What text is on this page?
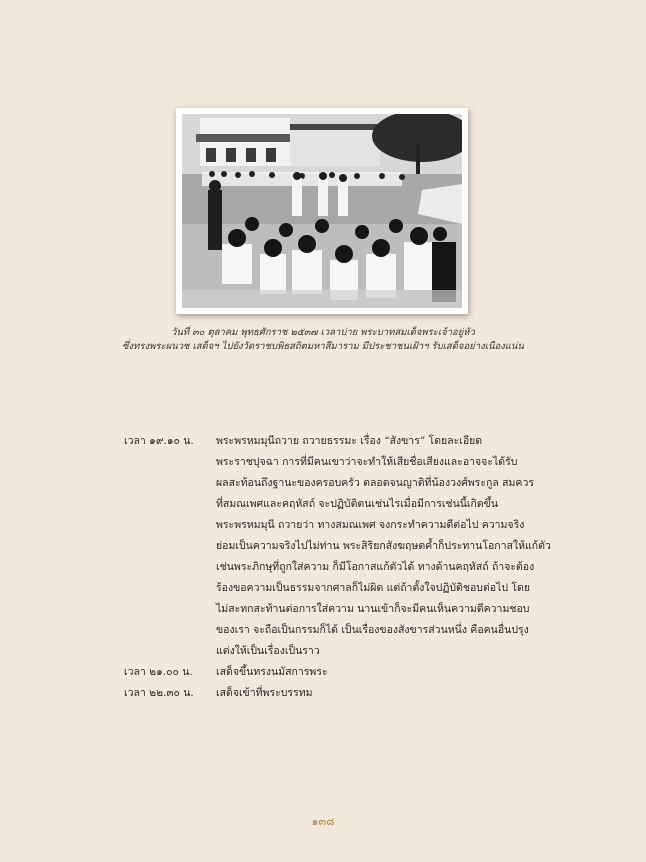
วันที่ ๓๐ ตุลาคม พุทธศักราช ๒๕๓๗ เวลาบ่าย พระบาทสมเด็จพระเจ้าอยู่หัว
ซึ่งทรงพระผนวช เสด็จฯ ไปยังวัดราชบพิธสถิตมหาสีมาราม มีประชาชนเฝ้าฯ รับเสด็จอย่างเนืองแน่น
เวลา ๑๙.๑๐ น.	พระพรหมมุนีถวาย ถวายธรรมะ เรื่อง “สังขาร” โดยละเอียด
พระราชปุจฉา การที่มีคนเขาว่าจะทำให้เสียชื่อเสียงและอาจจะได้รับ
ผลสะท้อนถึงฐานะของครอบครัว ตลอดจนญาติที่น้องวงศ์พระกูล สมควร
ที่สมณเพศและคฤหัสถ์ จะปฏิบัติตนเช่นไรเมื่อมีการเช่นนี้เกิดขึ้น
พระพรหมมุนี ถวายว่า ทางสมณเพศ จงกระทำความดีต่อไป ความจริง
ย่อมเป็นความจริงไปไม่ท่าน พระสิริยกสังฆฤษตค้ำก็ประทานโอกาสให้แก้ตัว
เช่นพระภิกษุที่ถูกใส่ความ ก็มีโอกาสแก้ตัวได้ ทางด้านคฤหัสถ์ ถ้าจะต้อง
ร้องขอความเป็นธรรมจากศาลก็ไม่ผิด แต่ถ้าตั้งใจปฏิบัติชอบต่อไป โดย
ไม่สะทกสะท้านต่อการใส่ความ นานเข้าก็จะมีคนเห็นความดีความชอบ
ของเรา จะถือเป็นกรรมก็ได้ เป็นเรื่องของสังขารส่วนหนึ่ง คือคนอื่นปรุง
แต่งให้เป็นเรื่องเป็นราว
เวลา ๒๑.๐๐ น.	เสด็จขึ้นทรงนมัสการพระ
เวลา ๒๒.๓๐ น.	เสด็จเข้าที่พระบรรทม
๑๓๘
